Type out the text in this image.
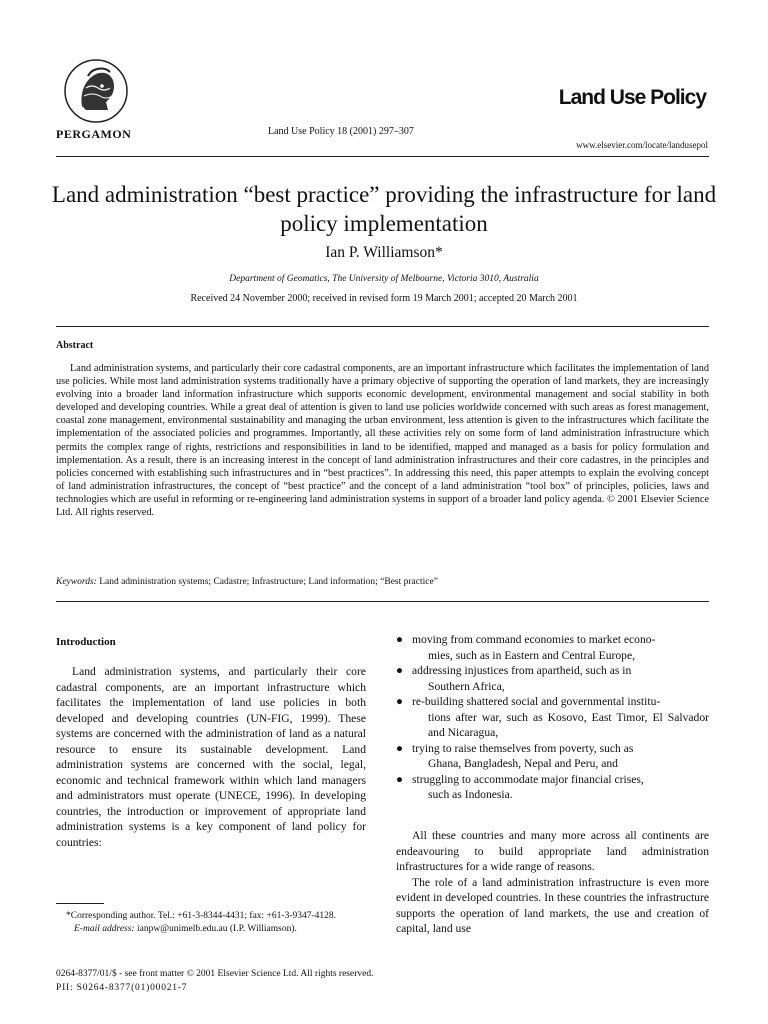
PERGAMON	Land Use Policy 18 (2001) 297–307
Land Use Policy
www.elsevier.com/locate/landusepol
Land administration “best practice” providing the infrastructure for land policy implementation
Ian P. Williamson*
Department of Geomatics, The University of Melbourne, Victoria 3010, Australia
Received 24 November 2000; received in revised form 19 March 2001; accepted 20 March 2001
Abstract

Land administration systems, and particularly their core cadastral components, are an important infrastructure which facilitates the implementation of land use policies. While most land administration systems traditionally have a primary objective of supporting the operation of land markets, they are increasingly evolving into a broader land information infrastructure which supports economic development, environmental management and social stability in both developed and developing countries. While a great deal of attention is given to land use policies worldwide concerned with such areas as forest management, coastal zone management, environmental sustainability and managing the urban environment, less attention is given to the infrastructures which facilitate the implementation of the associated policies and programmes. Importantly, all these activities rely on some form of land administration infrastructure which permits the complex range of rights, restrictions and responsibilities in land to be identified, mapped and managed as a basis for policy formulation and implementation. As a result, there is an increasing interest in the concept of land administration infrastructures and their core cadastres, in the principles and policies concerned with establishing such infrastructures and in “best practices”. In addressing this need, this paper attempts to explain the evolving concept of land administration infrastructures, the concept of “best practice” and the concept of a land administration “tool box” of principles, policies, laws and technologies which are useful in reforming or re-engineering land administration systems in support of a broader land policy agenda. © 2001 Elsevier Science Ltd. All rights reserved.

Keywords: Land administration systems; Cadastre; Infrastructure; Land information; “Best practice”
Introduction

Land administration systems, and particularly their core cadastral components, are an important infrastructure which facilitates the implementation of land use policies in both developed and developing countries (UN-FIG, 1999). These systems are concerned with the administration of land as a natural resource to ensure its sustainable development. Land administration systems are concerned with the social, legal, economic and technical framework within which land managers and administrators must operate (UNECE, 1996). In developing countries, the introduction or improvement of appropriate land administration systems is a key component of land policy for countries:

*Corresponding author. Tel.: +61-3-8344-4431; fax: +61-3-9347-4128.
E-mail address: ianpw@unimelb.edu.au (I.P. Williamson).
● moving from command economies to market econo-
mies, such as in Eastern and Central Europe,
● addressing injustices from apartheid, such as in
Southern Africa,
● re-building shattered social and governmental institu-
tions after war, such as Kosovo, East Timor, El Salvador and Nicaragua,
● trying to raise themselves from poverty, such as
Ghana, Bangladesh, Nepal and Peru, and
● struggling to accommodate major financial crises,
such as Indonesia.

All these countries and many more across all continents are endeavouring to build appropriate land administration infrastructures for a wide range of reasons.

The role of a land administration infrastructure is even more evident in developed countries. In these countries the infrastructure supports the operation of land markets, the use and creation of capital, land use

0264-8377/01/$ - see front matter © 2001 Elsevier Science Ltd. All rights reserved.
PII: S0264-8377(01)00021-7
